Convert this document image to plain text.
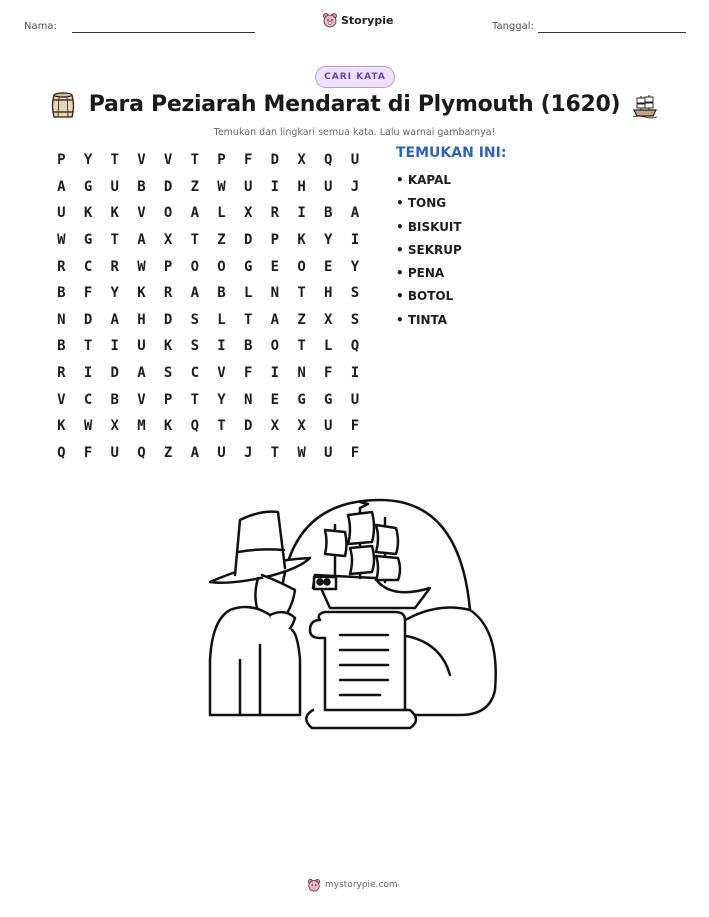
Nama:	Storypie	Tanggal:
CARI KATA
Para Peziarah Mendarat di Plymouth (1620)
Temukan dan lingkari semua kata. Lalu warnai gambarnya!
P	Y	T	V	V	T	P	F	D	X	Q	U
A	G	U	B	D	Z	W	U	I	H	U	J
U	K	K	V	O	A	L	X	R	I	B	A
W	G	T	A	X	T	Z	D	P	K	Y	I
R	C	R	W	P	O	O	G	E	O	E	Y
B	F	Y	K	R	A	B	L	N	T	H	S
N	D	A	H	D	S	L	T	A	Z	X	S
B	T	I	U	K	S	I	B	O	T	L	Q
R	I	D	A	S	C	V	F	I	N	F	I
V	C	B	V	P	T	Y	N	E	G	G	U
K	W	X	M	K	Q	T	D	X	X	U	F
Q	F	U	Q	Z	A	U	J	T	W	U	F
TEMUKAN INI:
• KAPAL
• TONG
• BISKUIT
• SEKRUP
• PENA
• BOTOL
• TINTA
mystorypie.com
